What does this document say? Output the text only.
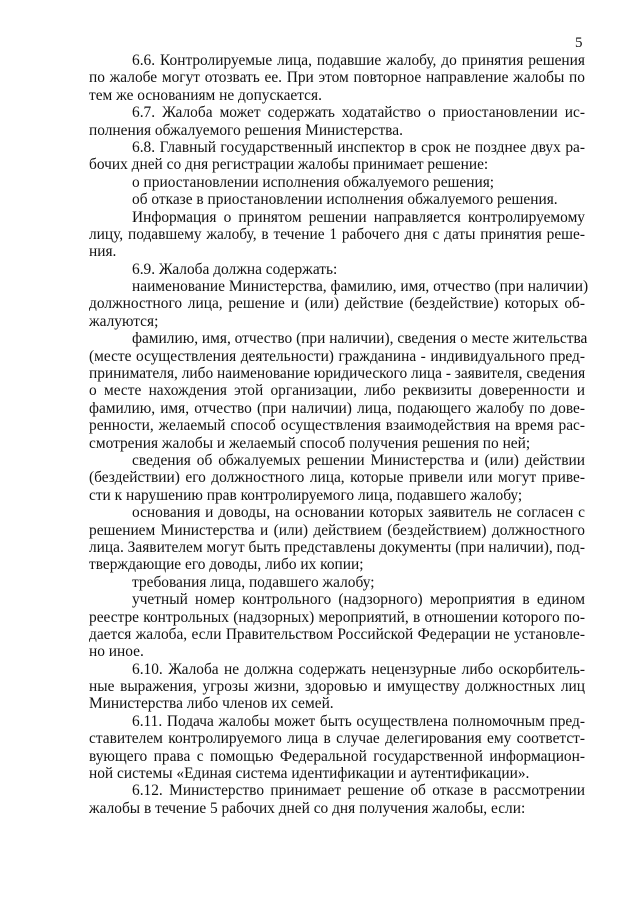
5
6.6. Контролируемые лица, подавшие жалобу, до принятия решения
по жалобе могут отозвать ее. При этом повторное направление жалобы по
тем же основаниям не допускается.
6.7. Жалоба может содержать ходатайство о приостановлении ис-
полнения обжалуемого решения Министерства.
6.8. Главный государственный инспектор в срок не позднее двух ра-
бочих дней со дня регистрации жалобы принимает решение:
о приостановлении исполнения обжалуемого решения;
об отказе в приостановлении исполнения обжалуемого решения.
Информация о принятом решении направляется контролируемому
лицу, подавшему жалобу, в течение 1 рабочего дня с даты принятия реше-
ния.
6.9. Жалоба должна содержать:
наименование Министерства, фамилию, имя, отчество (при наличии)
должностного лица, решение и (или) действие (бездействие) которых об-
жалуются;
фамилию, имя, отчество (при наличии), сведения о месте жительства
(месте осуществления деятельности) гражданина - индивидуального пред-
принимателя, либо наименование юридического лица - заявителя, сведения
о месте нахождения этой организации, либо реквизиты доверенности и
фамилию, имя, отчество (при наличии) лица, подающего жалобу по дове-
ренности, желаемый способ осуществления взаимодействия на время рас-
смотрения жалобы и желаемый способ получения решения по ней;
сведения об обжалуемых решении Министерства и (или) действии
(бездействии) его должностного лица, которые привели или могут приве-
сти к нарушению прав контролируемого лица, подавшего жалобу;
основания и доводы, на основании которых заявитель не согласен с
решением Министерства и (или) действием (бездействием) должностного
лица. Заявителем могут быть представлены документы (при наличии), под-
тверждающие его доводы, либо их копии;
требования лица, подавшего жалобу;
учетный номер контрольного (надзорного) мероприятия в едином
реестре контрольных (надзорных) мероприятий, в отношении которого по-
дается жалоба, если Правительством Российской Федерации не установле-
но иное.
6.10. Жалоба не должна содержать нецензурные либо оскорбитель-
ные выражения, угрозы жизни, здоровью и имуществу должностных лиц
Министерства либо членов их семей.
6.11. Подача жалобы может быть осуществлена полномочным пред-
ставителем контролируемого лица в случае делегирования ему соответст-
вующего права с помощью Федеральной государственной информацион-
ной системы «Единая система идентификации и аутентификации».
6.12. Министерство принимает решение об отказе в рассмотрении
жалобы в течение 5 рабочих дней со дня получения жалобы, если:
